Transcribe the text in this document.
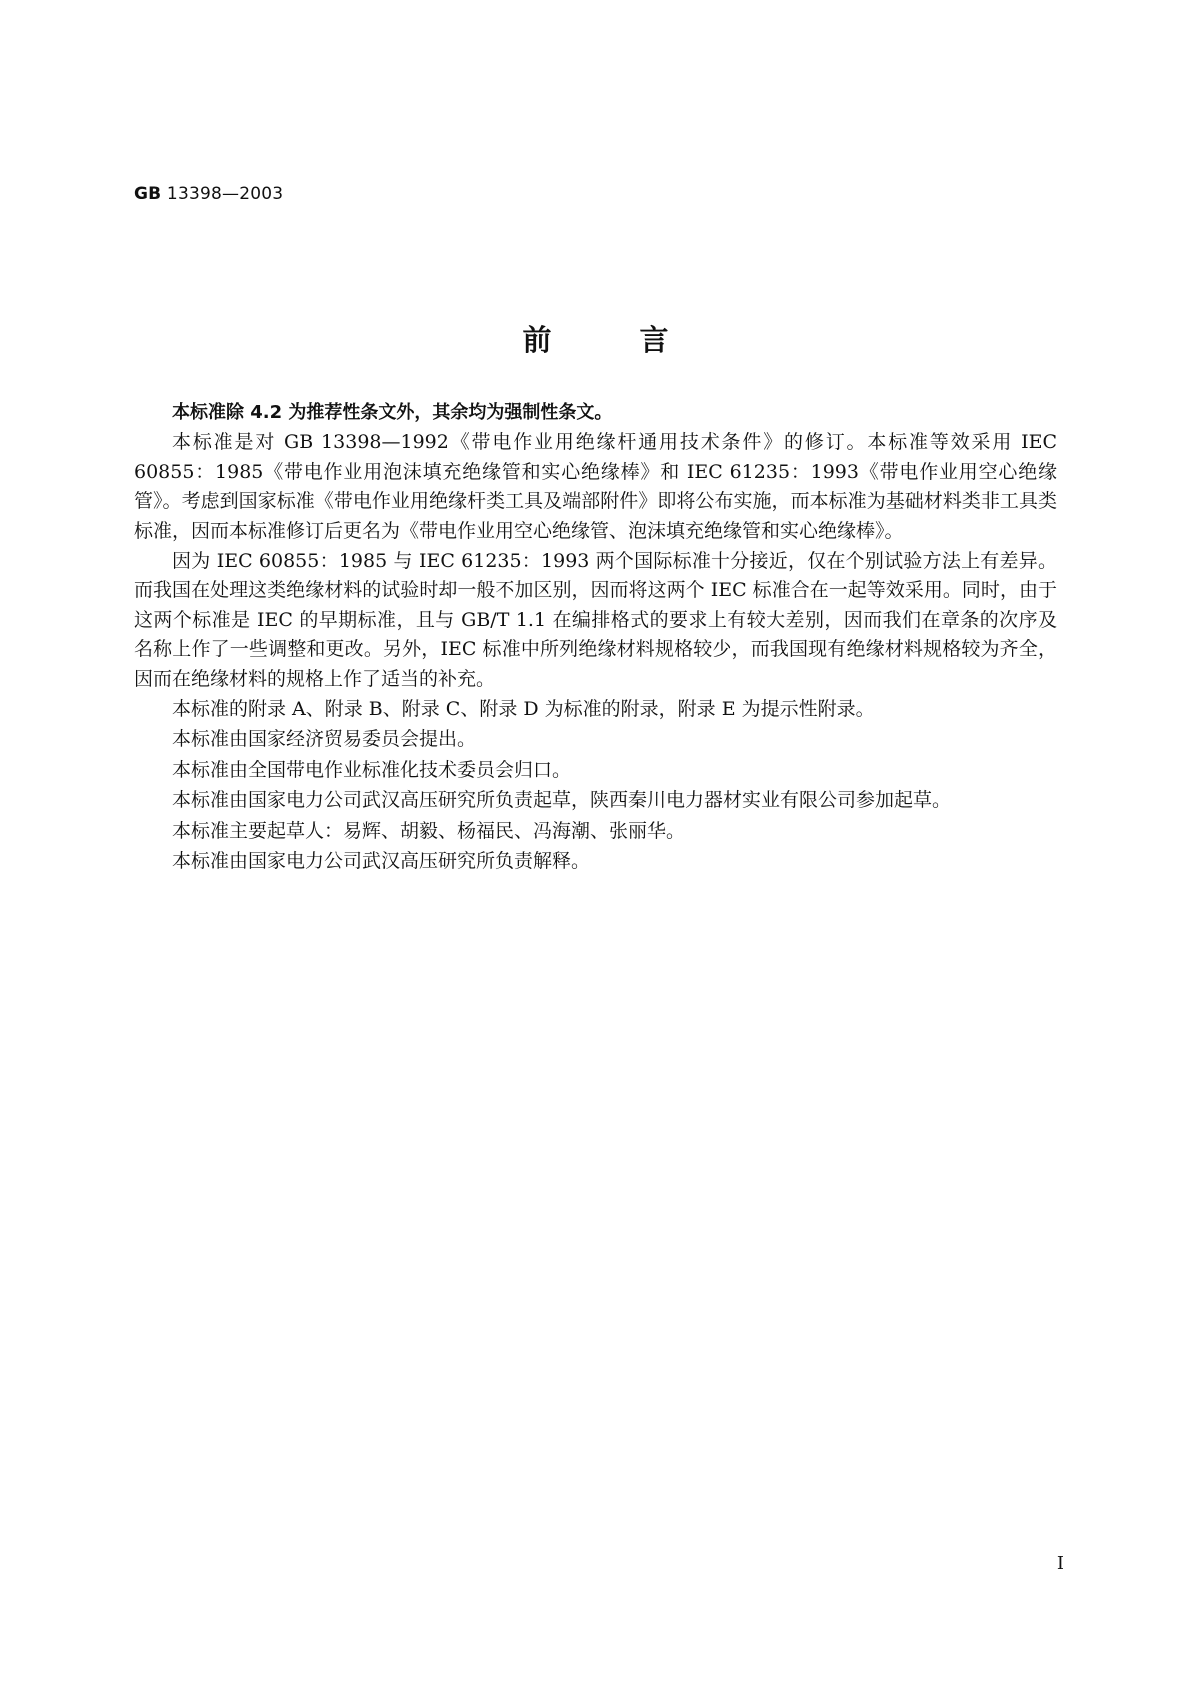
GB 13398—2003
前言

本标准除 4.2 为推荐性条文外，其余均为强制性条文。

本标准是对 GB 13398—1992《带电作业用绝缘杆通用技术条件》的修订。本标准等效采用 IEC 60855：1985《带电作业用泡沫填充绝缘管和实心绝缘棒》和 IEC 61235：1993《带电作业用空心绝缘管》。考虑到国家标准《带电作业用绝缘杆类工具及端部附件》即将公布实施，而本标准为基础材料类非工具类标准，因而本标准修订后更名为《带电作业用空心绝缘管、泡沫填充绝缘管和实心绝缘棒》。

因为 IEC 60855：1985 与 IEC 61235：1993 两个国际标准十分接近，仅在个别试验方法上有差异。而我国在处理这类绝缘材料的试验时却一般不加区别，因而将这两个 IEC 标准合在一起等效采用。同时，由于这两个标准是 IEC 的早期标准，且与 GB/T 1.1 在编排格式的要求上有较大差别，因而我们在章条的次序及名称上作了一些调整和更改。另外，IEC 标准中所列绝缘材料规格较少，而我国现有绝缘材料规格较为齐全，因而在绝缘材料的规格上作了适当的补充。

本标准的附录 A、附录 B、附录 C、附录 D 为标准的附录，附录 E 为提示性附录。

本标准由国家经济贸易委员会提出。

本标准由全国带电作业标准化技术委员会归口。

本标准由国家电力公司武汉高压研究所负责起草，陕西秦川电力器材实业有限公司参加起草。

本标准主要起草人：易辉、胡毅、杨福民、冯海潮、张丽华。

本标准由国家电力公司武汉高压研究所负责解释。

I
